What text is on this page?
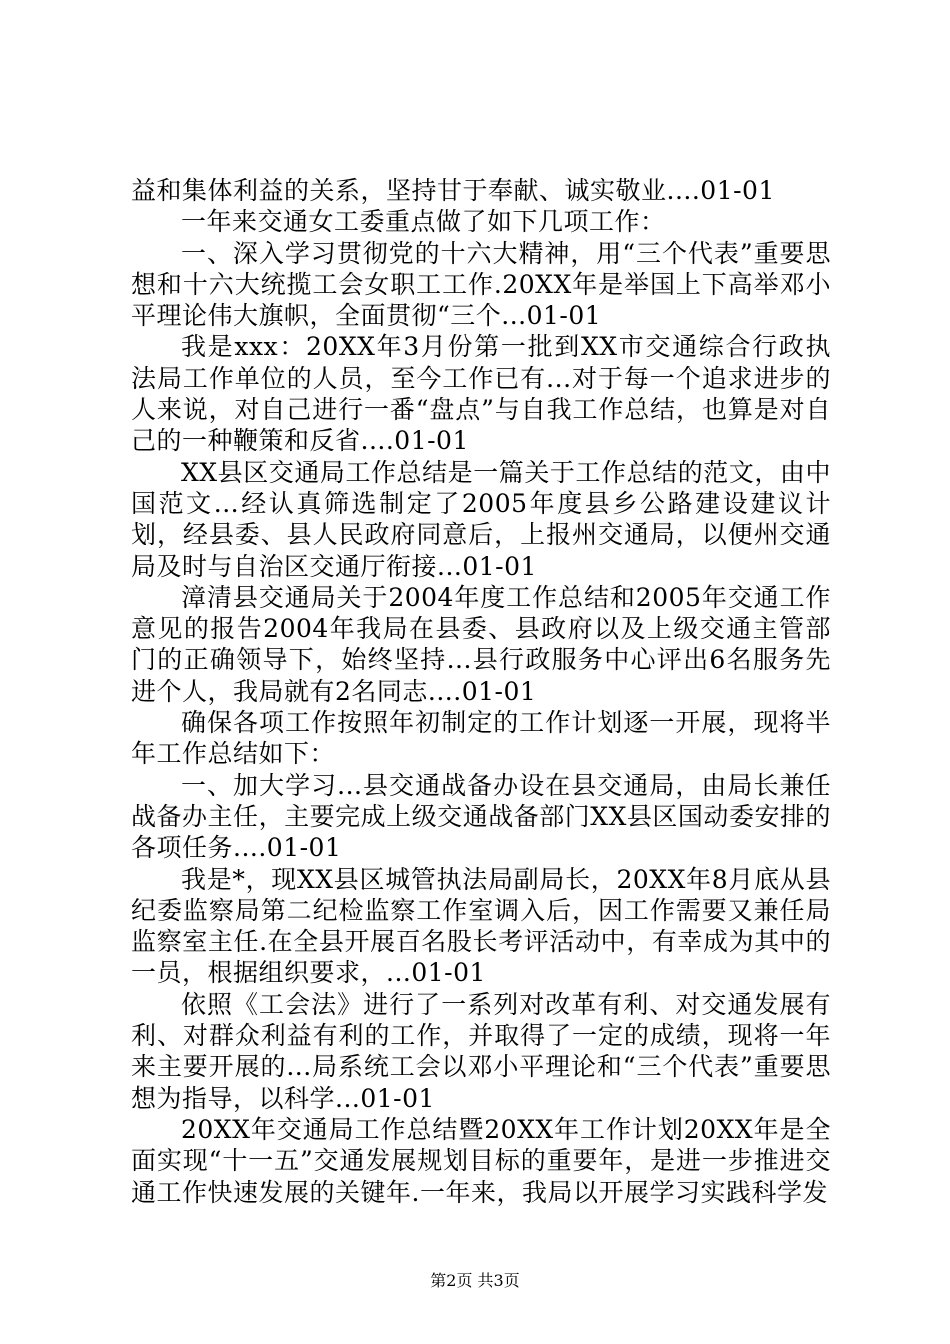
益和集体利益的关系，坚持甘于奉献、诚实敬业....01-01

一年来交通女工委重点做了如下几项工作：

一、深入学习贯彻党的十六大精神，用“三个代表”重要思想和十六大统揽工会女职工工作.20XX年是举国上下高举邓小平理论伟大旗帜，全面贯彻“三个...01-01

我是xxx：20XX年3月份第一批到XX市交通综合行政执法局工作单位的人员，至今工作已有...对于每一个追求进步的人来说，对自己进行一番“盘点”与自我工作总结，也算是对自己的一种鞭策和反省....01-01

XX县区交通局工作总结是一篇关于工作总结的范文，由中国范文...经认真筛选制定了2005年度县乡公路建设建议计划，经县委、县人民政府同意后，上报州交通局，以便州交通局及时与自治区交通厅衔接...01-01

漳清县交通局关于2004年度工作总结和2005年交通工作意见的报告2004年我局在县委、县政府以及上级交通主管部门的正确领导下，始终坚持...县行政服务中心评出6名服务先进个人，我局就有2名同志....01-01

确保各项工作按照年初制定的工作计划逐一开展，现将半年工作总结如下：

一、加大学习...县交通战备办设在县交通局，由局长兼任战备办主任，主要完成上级交通战备部门XX县区国动委安排的各项任务....01-01

我是*，现XX县区城管执法局副局长，20XX年8月底从县纪委监察局第二纪检监察工作室调入后，因工作需要又兼任局监察室主任.在全县开展百名股长考评活动中，有幸成为其中的一员，根据组织要求，...01-01

依照《工会法》进行了一系列对改革有利、对交通发展有利、对群众利益有利的工作，并取得了一定的成绩，现将一年来主要开展的...局系统工会以邓小平理论和“三个代表”重要思想为指导，以科学...01-01

20XX年交通局工作总结暨20XX年工作计划20XX年是全面实现“十一五”交通发展规划目标的重要年，是进一步推进交通工作快速发展的关键年.一年来，我局以开展学习实践科学发

第2页 共3页
